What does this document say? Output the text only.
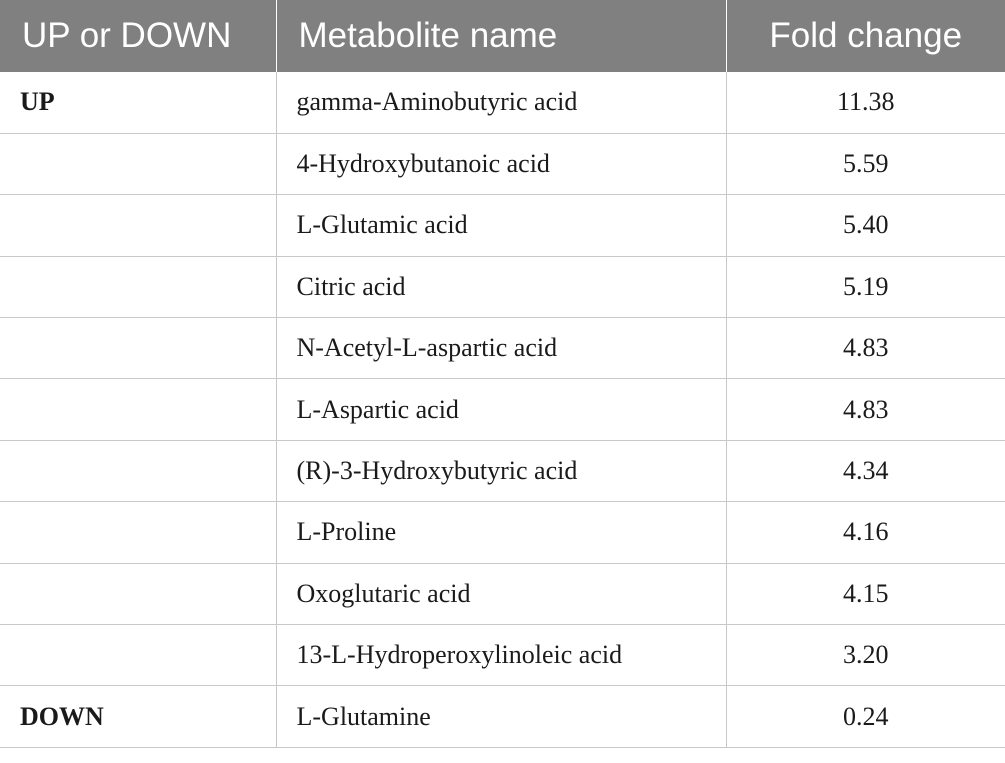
UP or DOWN	Metabolite name	Fold change
UP	gamma-Aminobutyric acid	11.38
	4-Hydroxybutanoic acid	5.59
	L-Glutamic acid	5.40
	Citric acid	5.19
	N-Acetyl-L-aspartic acid	4.83
	L-Aspartic acid	4.83
	(R)-3-Hydroxybutyric acid	4.34
	L-Proline	4.16
	Oxoglutaric acid	4.15
	13-L-Hydroperoxylinoleic acid	3.20
DOWN	L-Glutamine	0.24
